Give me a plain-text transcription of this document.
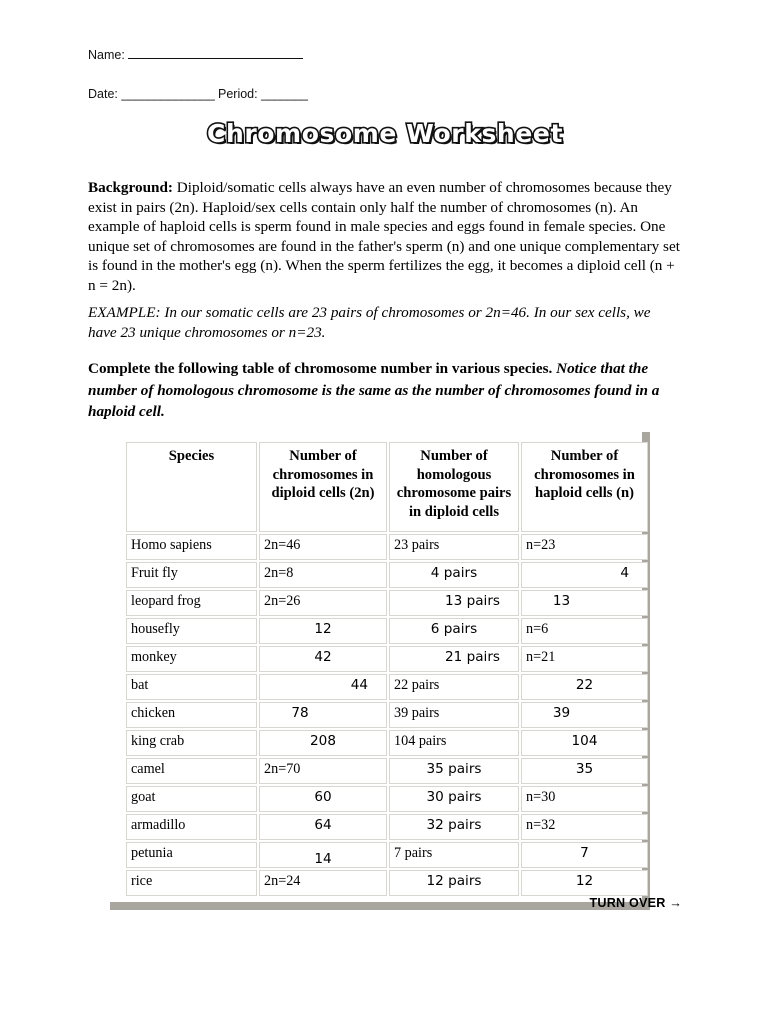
Name:
Date: ______________ Period: _______
Chromosome Worksheet
Background: Diploid/somatic cells always have an even number of chromosomes because they exist in pairs (2n). Haploid/sex cells contain only half the number of chromosomes (n). An example of haploid cells is sperm found in male species and eggs found in female species. One unique set of chromosomes are found in the father's sperm (n) and one unique complementary set is found in the mother's egg (n). When the sperm fertilizes the egg, it becomes a diploid cell (n + n = 2n).
EXAMPLE: In our somatic cells are 23 pairs of chromosomes or 2n=46. In our sex cells, we have 23 unique chromosomes or n=23.
Complete the following table of chromosome number in various species. Notice that the number of homologous chromosome is the same as the number of chromosomes found in a haploid cell.
Species	Number of chromosomes in diploid cells (2n)	Number of homologous chromosome pairs in diploid cells	Number of chromosomes in haploid cells (n)
Homo sapiens	2n=46	23 pairs	n=23
Fruit fly	2n=8	4 pairs	4

leopard frog	2n=26	13 pairs	13

housefly	12	6 pairs	n=6
monkey	42	21 pairs	n=21
bat	44	22 pairs	22

chicken	78	39 pairs	39

king crab	208	104 pairs	104

camel	2n=70	35 pairs	35

goat	60	30 pairs	n=30
armadillo	64	32 pairs	n=32
petunia	14	7 pairs	7

rice	2n=24	12 pairs	12
TURN OVER →
